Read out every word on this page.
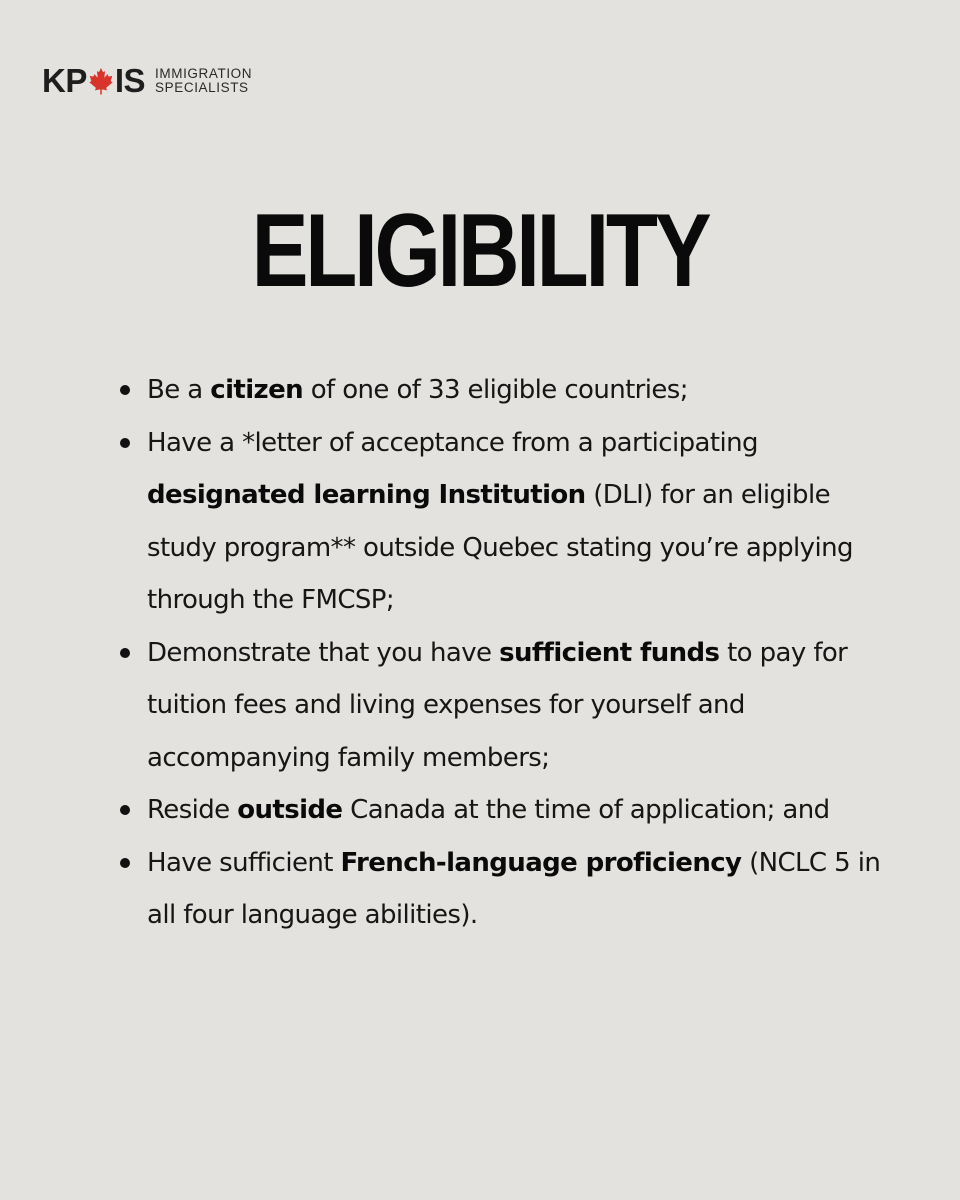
KP IS IMMIGRATION
SPECIALISTS
ELIGIBILITY
Be a citizen of one of 33 eligible countries;
Have a *letter of acceptance from a participating designated learning Institution (DLI) for an eligible study program** outside Quebec stating you’re applying through the FMCSP;
Demonstrate that you have sufficient funds to pay for tuition fees and living expenses for yourself and accompanying family members;
Reside outside Canada at the time of application; and
Have sufficient French-language proficiency (NCLC 5 in all four language abilities).
